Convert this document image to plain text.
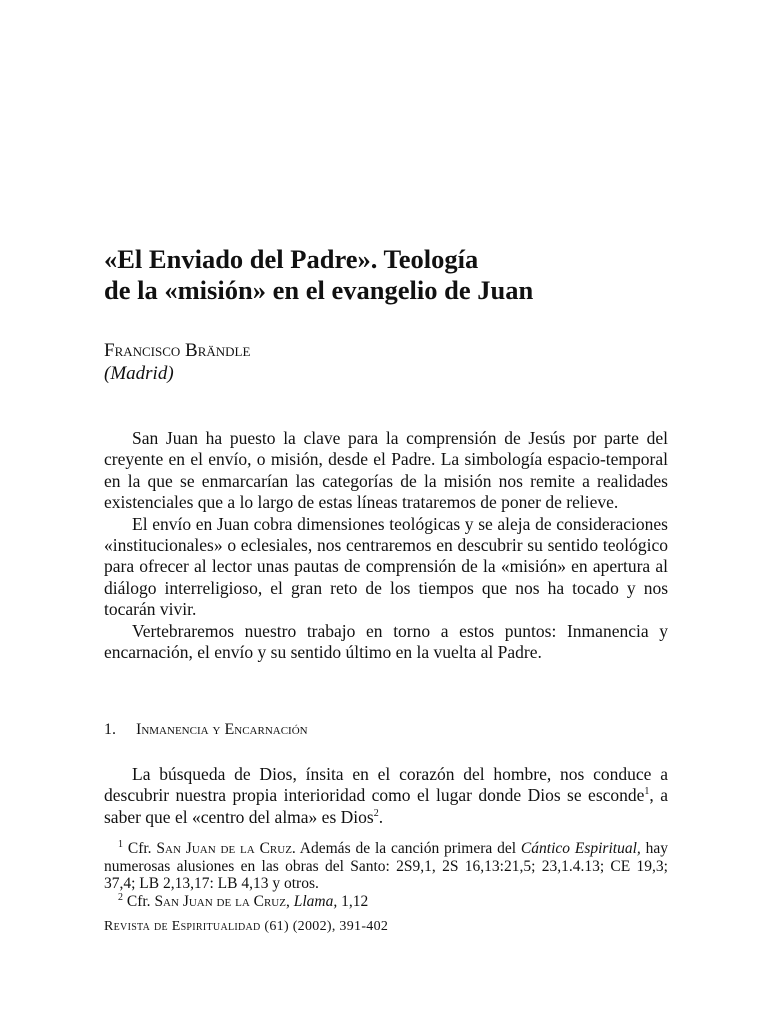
«El Enviado del Padre». Teología
de la «misión» en el evangelio de Juan
Francisco Brändle
(Madrid)

San Juan ha puesto la clave para la comprensión de Jesús por parte del creyente en el envío, o misión, desde el Padre. La simbología espacio-temporal en la que se enmarcarían las categorías de la misión nos remite a realidades existenciales que a lo largo de estas líneas trataremos de poner de relieve.

El envío en Juan cobra dimensiones teológicas y se aleja de consideraciones «institucionales» o eclesiales, nos centraremos en descubrir su sentido teológico para ofrecer al lector unas pautas de comprensión de la «misión» en apertura al diálogo interreligioso, el gran reto de los tiempos que nos ha tocado y nos tocarán vivir.

Vertebraremos nuestro trabajo en torno a estos puntos: Inmanencia y encarnación, el envío y su sentido último en la vuelta al Padre.

1. Inmanencia y Encarnación

La búsqueda de Dios, ínsita en el corazón del hombre, nos conduce a descubrir nuestra propia interioridad como el lugar donde Dios se esconde$^1$, a saber que el «centro del alma» es Dios$^2$.

$^1$ Cfr. San Juan de la Cruz. Además de la canción primera del Cántico Espiritual, hay numerosas alusiones en las obras del Santo: 2S9,1, 2S 16,13:21,5; 23,1.4.13; CE 19,3; 37,4; LB 2,13,17: LB 4,13 y otros.

$^2$ Cfr. San Juan de la Cruz, Llama, 1,12

Revista de Espiritualidad (61) (2002), 391-402
